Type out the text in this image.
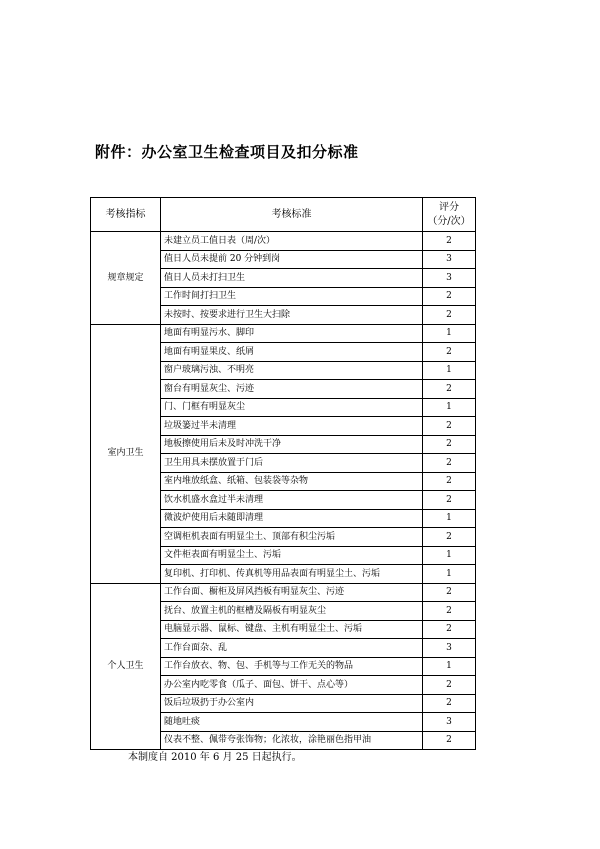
附件：办公室卫生检查项目及扣分标准
考核指标	考核标准	评分
（分/次）
规章规定	未建立员工值日表（周/次）	2
	值日人员未提前 20 分钟到岗	3
	值日人员未打扫卫生	3
	工作时间打扫卫生	2
	未按时、按要求进行卫生大扫除	2
室内卫生	地面有明显污水、脚印	1
	地面有明显果皮、纸屑	2
	窗户玻璃污浊、不明亮	1
	窗台有明显灰尘、污迹	2
	门、门框有明显灰尘	1
	垃圾篓过半未清理	2
	地板擦使用后未及时冲洗干净	2
	卫生用具未摆放置于门后	2
	室内堆放纸盒、纸箱、包装袋等杂物	2
	饮水机盛水盒过半未清理	2
	微波炉使用后未随即清理	1
	空调柜机表面有明显尘土、顶部有积尘污垢	2
	文件柜表面有明显尘土、污垢	1
	复印机、打印机、传真机等用品表面有明显尘土、污垢	1
个人卫生	工作台面、橱柜及屏风挡板有明显灰尘、污迹	2
	抚台、放置主机的框槽及隔板有明显灰尘	2
	电脑显示器、鼠标、键盘、主机有明显尘土、污垢	2
	工作台面杂、乱	3
	工作台放衣、物、包、手机等与工作无关的物品	1
	办公室内吃零食（瓜子、面包、饼干、点心等）	2
	饭后垃圾扔于办公室内	2
	随地吐痰	3
	仪表不整、佩带夸张饰物；化浓妆，涂艳丽色指甲油	2
本制度自 2010 年 6 月 25 日起执行。
